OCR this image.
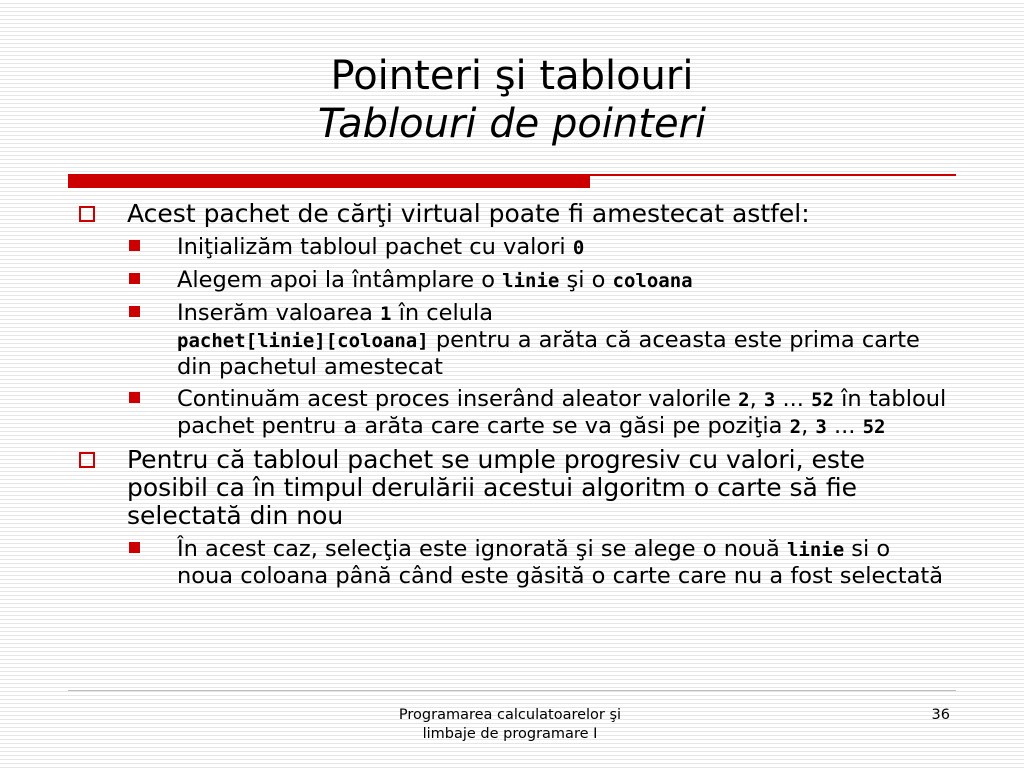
Pointeri şi tablouri
Tablouri de pointeri
Acest pachet de cărţi virtual poate fi amestecat astfel:
Iniţializăm tabloul pachet cu valori 0
Alegem apoi la întâmplare o linie şi o coloana
Inserăm valoarea 1 în celula
pachet[linie][coloana] pentru a arăta că aceasta este prima carte din pachetul amestecat
Continuăm acest proces inserând aleator valorile 2, 3 ... 52 în tabloul pachet pentru a arăta care carte se va găsi pe poziţia 2, 3 ... 52
Pentru că tabloul pachet se umple progresiv cu valori, este posibil ca în timpul derulării acestui algoritm o carte să fie selectată din nou
În acest caz, selecţia este ignorată şi se alege o nouă linie si o noua coloana până când este găsită o carte care nu a fost selectată
Programarea calculatoarelor şi
limbaje de programare I
36
